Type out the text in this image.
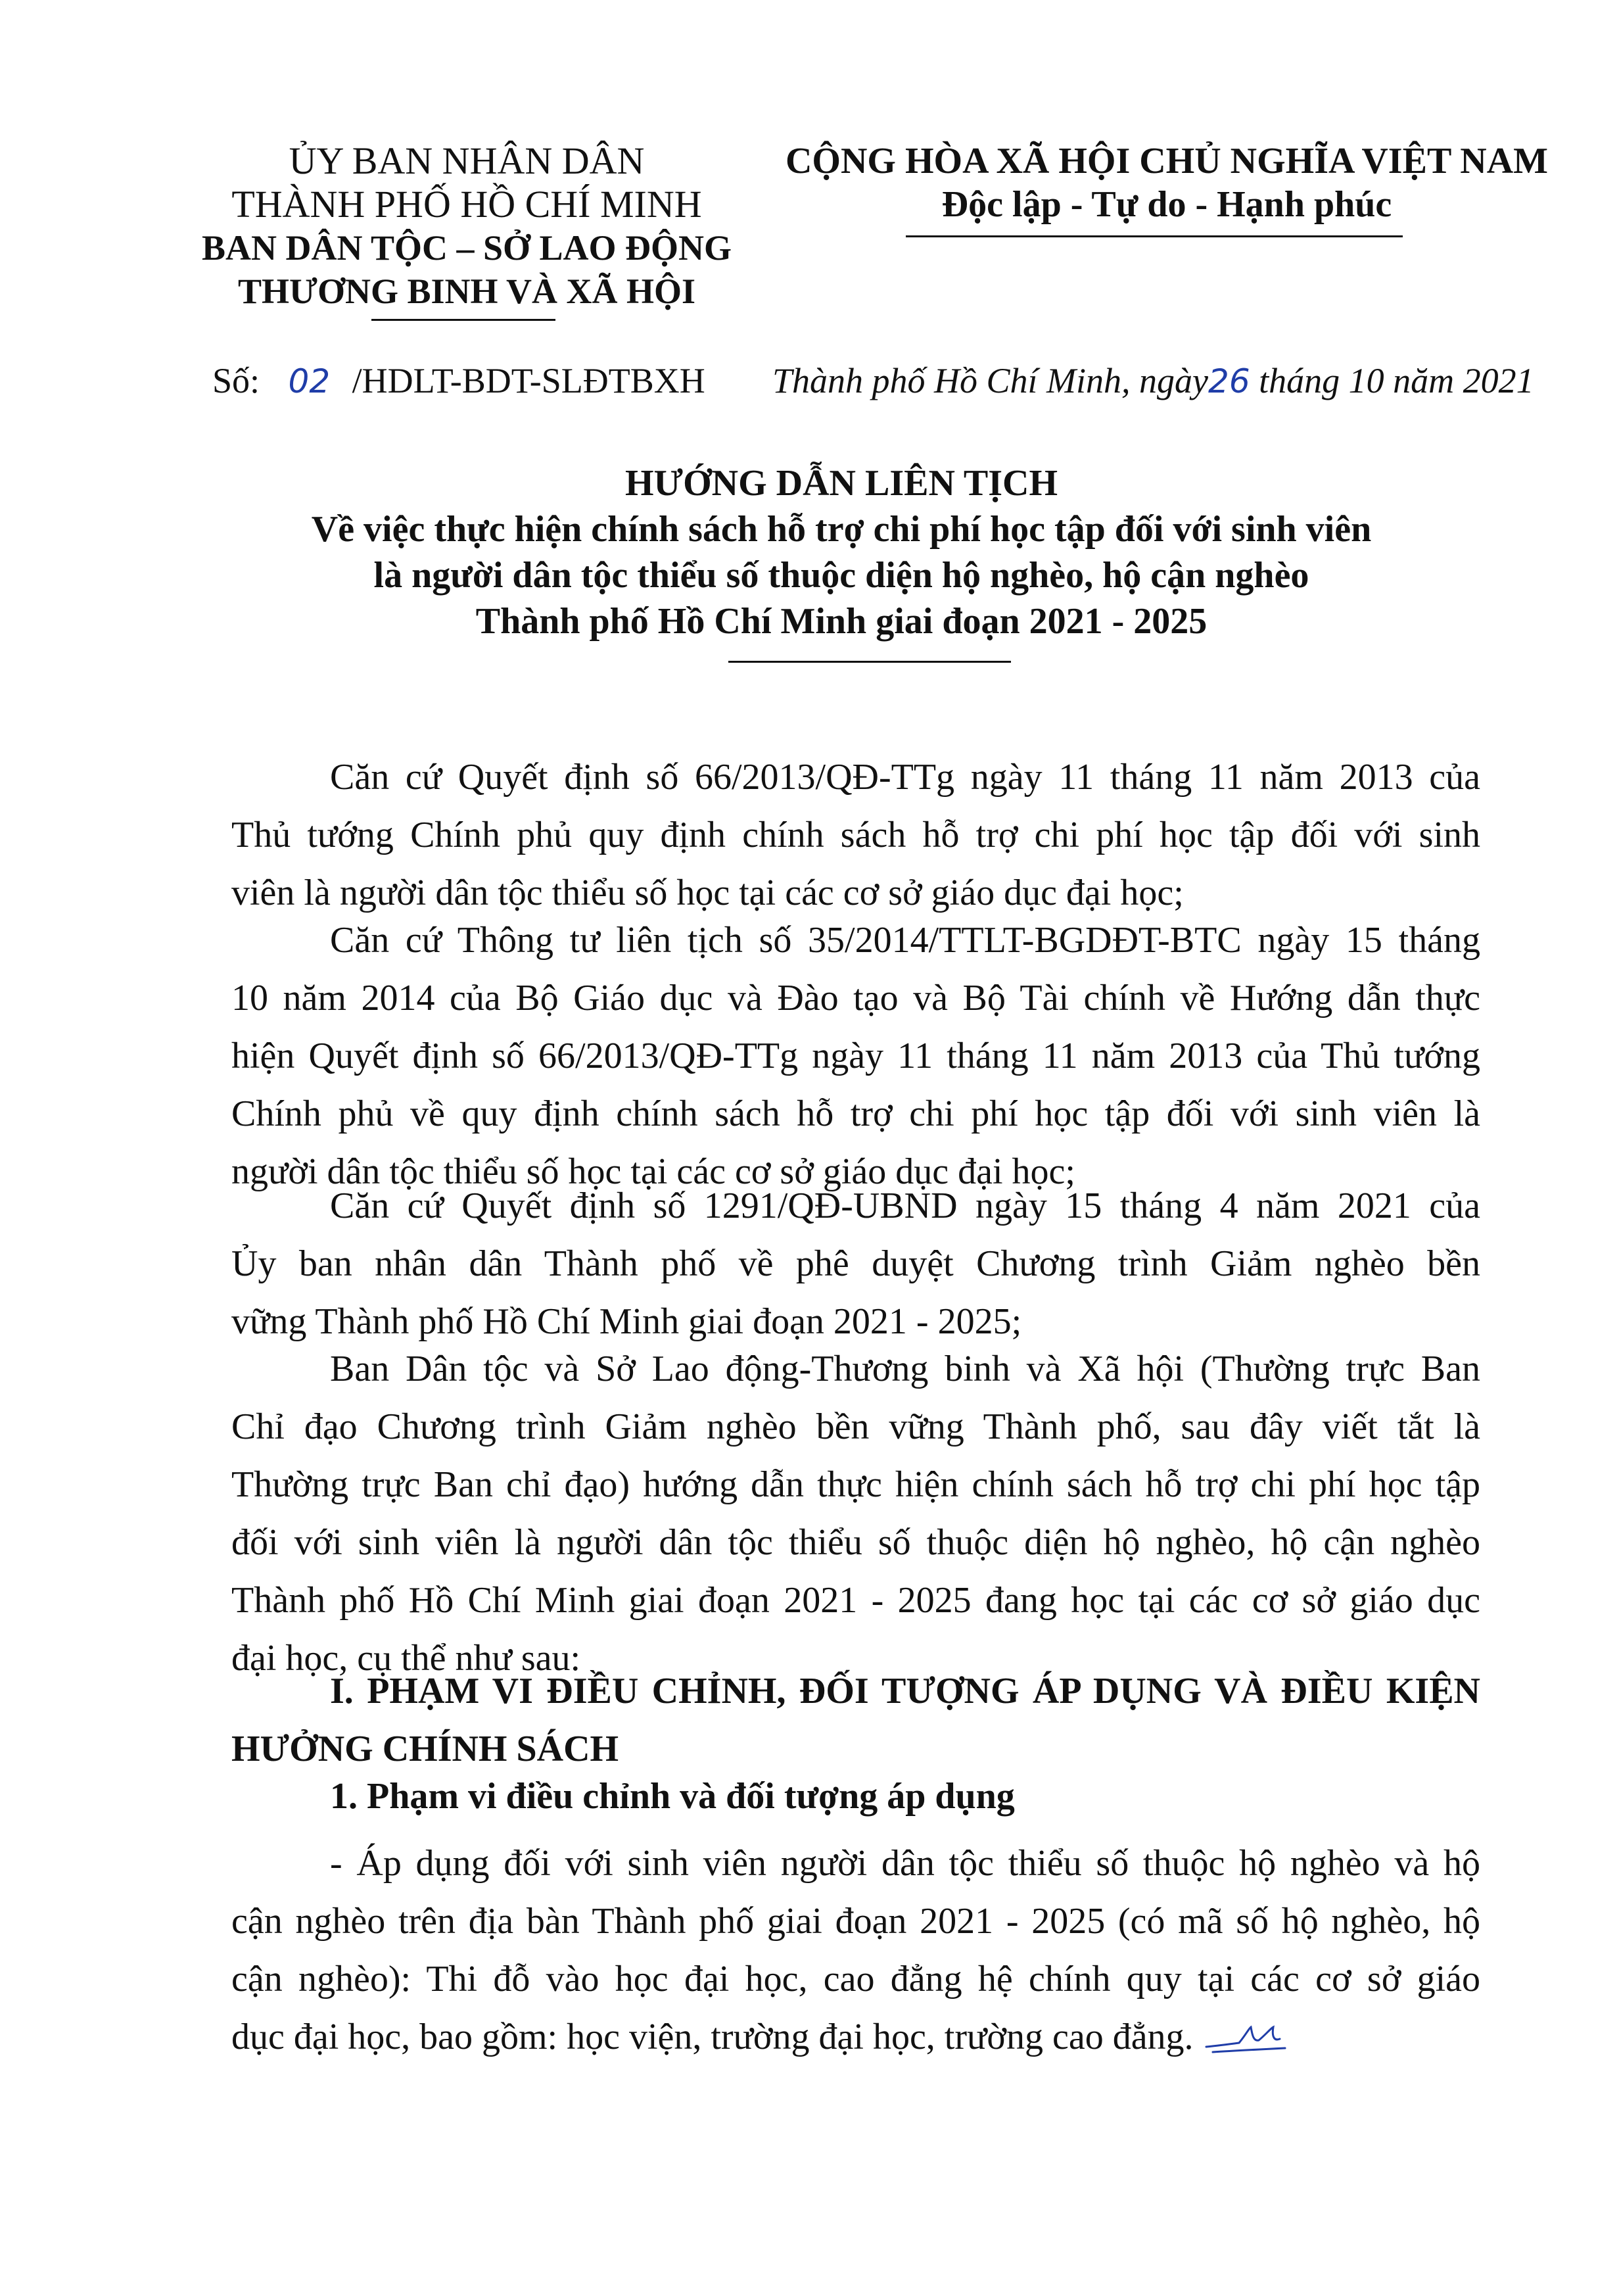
ỦY BAN NHÂN DÂN
THÀNH PHỐ HỒ CHÍ MINH
BAN DÂN TỘC – SỞ LAO ĐỘNG
THƯƠNG BINH VÀ XÃ HỘI
CỘNG HÒA XÃ HỘI CHỦ NGHĨA VIỆT NAM
Độc lập - Tự do - Hạnh phúc
Số: 02 /HDLT-BDT-SLĐTBXH Thành phố Hồ Chí Minh, ngày26 tháng 10 năm 2021
HƯỚNG DẪN LIÊN TỊCH
Về việc thực hiện chính sách hỗ trợ chi phí học tập đối với sinh viên
là người dân tộc thiểu số thuộc diện hộ nghèo, hộ cận nghèo
Thành phố Hồ Chí Minh giai đoạn 2021 - 2025
Căn cứ Quyết định số 66/2013/QĐ-TTg ngày 11 tháng 11 năm 2013 của
Thủ tướng Chính phủ quy định chính sách hỗ trợ chi phí học tập đối với sinh
viên là người dân tộc thiểu số học tại các cơ sở giáo dục đại học;
Căn cứ Thông tư liên tịch số 35/2014/TTLT-BGDĐT-BTC ngày 15 tháng
10 năm 2014 của Bộ Giáo dục và Đào tạo và Bộ Tài chính về Hướng dẫn thực
hiện Quyết định số 66/2013/QĐ-TTg ngày 11 tháng 11 năm 2013 của Thủ tướng
Chính phủ về quy định chính sách hỗ trợ chi phí học tập đối với sinh viên là
người dân tộc thiểu số học tại các cơ sở giáo dục đại học;
Căn cứ Quyết định số 1291/QĐ-UBND ngày 15 tháng 4 năm 2021 của
Ủy ban nhân dân Thành phố về phê duyệt Chương trình Giảm nghèo bền
vững Thành phố Hồ Chí Minh giai đoạn 2021 - 2025;
Ban Dân tộc và Sở Lao động-Thương binh và Xã hội (Thường trực Ban
Chỉ đạo Chương trình Giảm nghèo bền vững Thành phố, sau đây viết tắt là
Thường trực Ban chỉ đạo) hướng dẫn thực hiện chính sách hỗ trợ chi phí học tập
đối với sinh viên là người dân tộc thiểu số thuộc diện hộ nghèo, hộ cận nghèo
Thành phố Hồ Chí Minh giai đoạn 2021 - 2025 đang học tại các cơ sở giáo dục
đại học, cụ thể như sau:
I. PHẠM VI ĐIỀU CHỈNH, ĐỐI TƯỢNG ÁP DỤNG VÀ ĐIỀU KIỆN
HƯỞNG CHÍNH SÁCH
1. Phạm vi điều chỉnh và đối tượng áp dụng
- Áp dụng đối với sinh viên người dân tộc thiểu số thuộc hộ nghèo và hộ
cận nghèo trên địa bàn Thành phố giai đoạn 2021 - 2025 (có mã số hộ nghèo, hộ
cận nghèo): Thi đỗ vào học đại học, cao đẳng hệ chính quy tại các cơ sở giáo
dục đại học, bao gồm: học viện, trường đại học, trường cao đẳng.
